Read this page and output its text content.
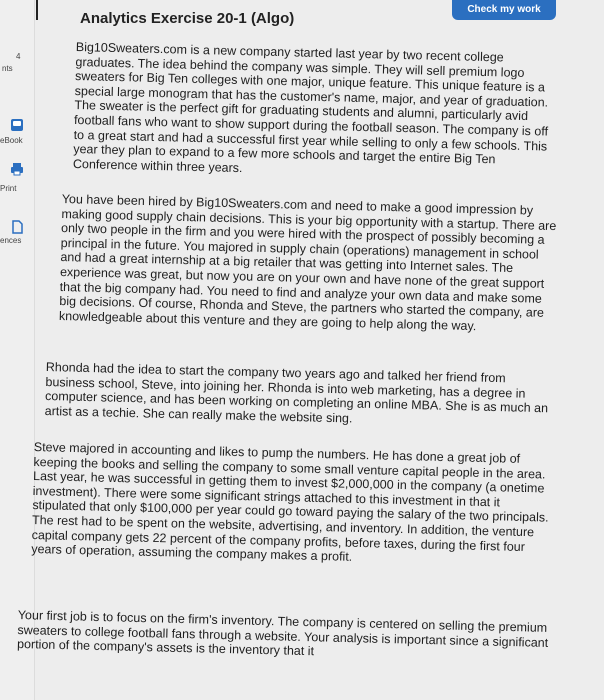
4
nts
eBook
Print
ences
Analytics Exercise 20-1 (Algo)
Check my work

Big10Sweaters.com is a new company started last year by two recent college graduates. The idea behind the company was simple. They will sell premium logo sweaters for Big Ten colleges with one major, unique feature. This unique feature is a special large monogram that has the customer's name, major, and year of graduation. The sweater is the perfect gift for graduating students and alumni, particularly avid football fans who want to show support during the football season. The company is off to a great start and had a successful first year while selling to only a few schools. This year they plan to expand to a few more schools and target the entire Big Ten Conference within three years.

You have been hired by Big10Sweaters.com and need to make a good impression by making good supply chain decisions. This is your big opportunity with a startup. There are only two people in the firm and you were hired with the prospect of possibly becoming a principal in the future. You majored in supply chain (operations) management in school and had a great internship at a big retailer that was getting into Internet sales. The experience was great, but now you are on your own and have none of the great support that the big company had. You need to find and analyze your own data and make some big decisions. Of course, Rhonda and Steve, the partners who started the company, are knowledgeable about this venture and they are going to help along the way.

Rhonda had the idea to start the company two years ago and talked her friend from business school, Steve, into joining her. Rhonda is into web marketing, has a degree in computer science, and has been working on completing an online MBA. She is as much an artist as a techie. She can really make the website sing.

Steve majored in accounting and likes to pump the numbers. He has done a great job of keeping the books and selling the company to some small venture capital people in the area. Last year, he was successful in getting them to invest $2,000,000 in the company (a onetime investment). There were some significant strings attached to this investment in that it stipulated that only $100,000 per year could go toward paying the salary of the two principals. The rest had to be spent on the website, advertising, and inventory. In addition, the venture capital company gets 22 percent of the company profits, before taxes, during the first four years of operation, assuming the company makes a profit.

Your first job is to focus on the firm's inventory. The company is centered on selling the premium sweaters to college football fans through a website. Your analysis is important since a significant portion of the company's assets is the inventory that it
